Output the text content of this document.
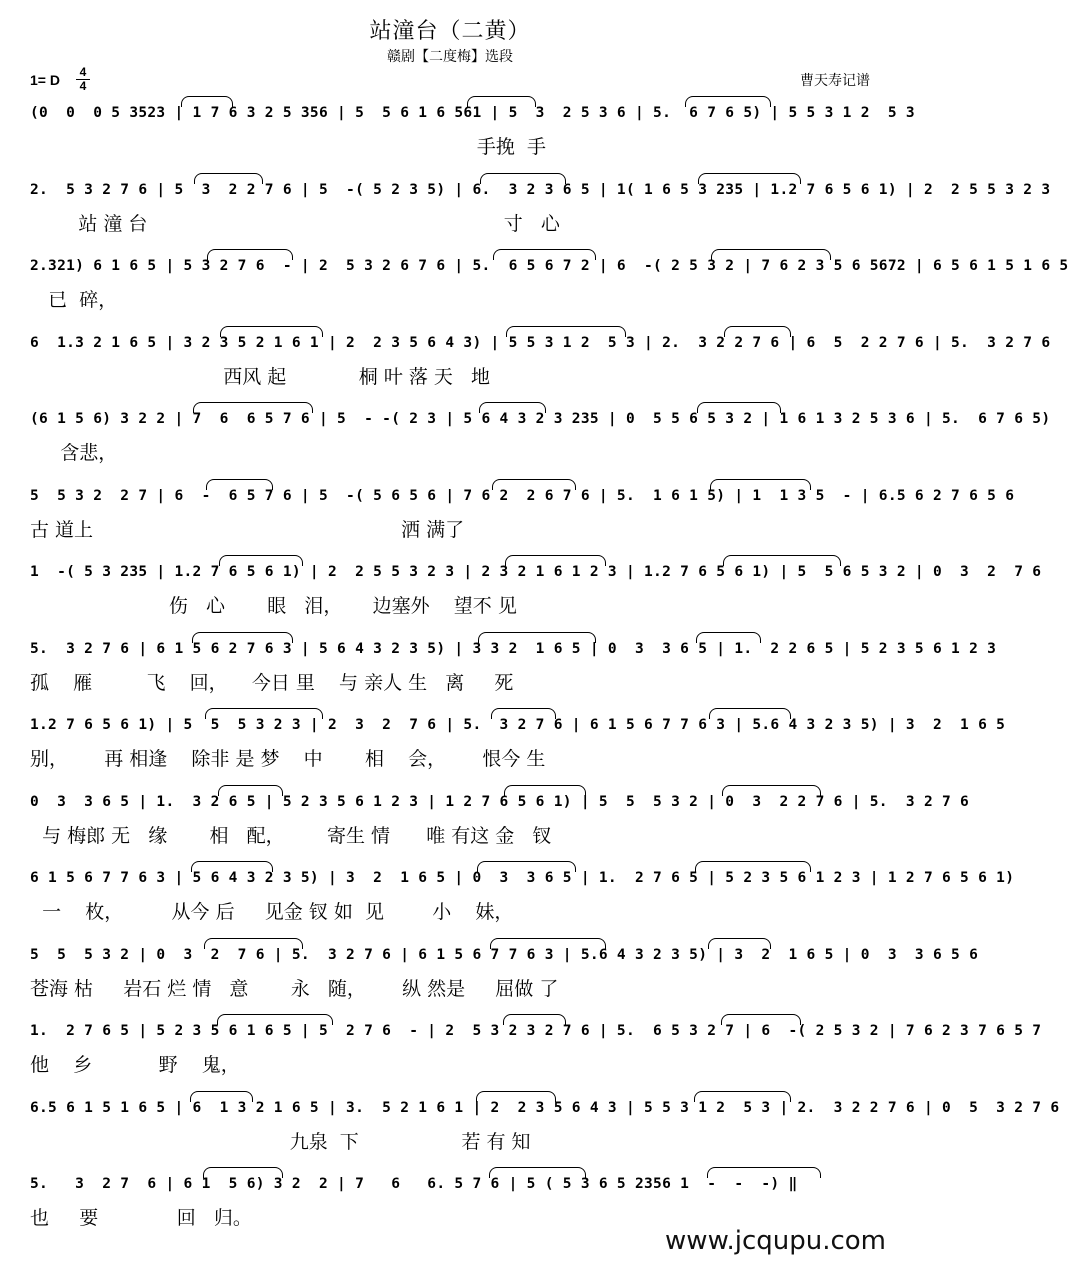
站潼台（二黄）
赣剧【二度梅】选段
1= D	4
4	曹天寿记谱
(0  0  0 5 3523 | 1 7 6 3 2 5 356 | 5  5 6 1 6 561 | 5  3  2 5 3 6 | 5.  6 7 6 5) | 5 5 3 1 2  5 3
手挽  手
2.  5 3 2 7 6 | 5  3  2 2 7 6 | 5  -( 5 2 3 5) | 6.  3 2 3 6 5 | 1( 1 6 5 3 235 | 1.2 7 6 5 6 1) | 2  2 5 5 3 2 3
站 潼 台                                                           寸   心
2.321) 6 1 6 5 | 5 3 2 7 6  - | 2  5 3 2 6 7 6 | 5.  6 5 6 7 2 | 6  -( 2 5 3 2 | 7 6 2 3 5 6 5672 | 6 5 6 1 5 1 6 5
已  碎，
6  1.3 2 1 6 5 | 3 2 3 5 2 1 6 1 | 2  2 3 5 6 4 3) | 5 5 3 1 2  5 3 | 2.  3 2 2 7 6 | 6  5  2 2 7 6 | 5.  3 2 7 6
西风 起            桐 叶 落 天   地
(6 1 5 6) 3 2 2 | 7  6  6 5 7 6 | 5  - -( 2 3 | 5 6 4 3 2 3 235 | 0  5 5 6 5 3 2 | 1 6 1 3 2 5 3 6 | 5.  6 7 6 5)
含悲，
5  5 3 2  2 7 | 6  -  6 5 7 6 | 5  -( 5 6 5 6 | 7 6 2  2 6 7 6 | 5.  1 6 1 5) | 1  1 3 5  - | 6.5 6 2 7 6 5 6
古 道上                                                   洒 满了
1  -( 5 3 235 | 1.2 7 6 5 6 1) | 2  2 5 5 3 2 3 | 2 3 2 1 6 1 2 3 | 1.2 7 6 5 6 1) | 5  5 6 5 3 2 | 0  3  2  7 6
伤   心       眼   泪，     边塞外    望不 见
5.  3 2 7 6 | 6 1 5 6 2 7 6 3 | 5 6 4 3 2 3 5) | 3 3 2  1 6 5 | 0  3  3 6 5 | 1.  2 2 6 5 | 5 2 3 5 6 1 2 3
孤    雁         飞    回，    今日 里    与 亲人 生   离     死
1.2 7 6 5 6 1) | 5  5  5 3 2 3 | 2  3  2  7 6 | 5.  3 2 7 6 | 6 1 5 6 7 7 6 3 | 5.6 4 3 2 3 5) | 3  2  1 6 5
别，      再 相逢    除非 是 梦    中       相    会，      恨今 生
0  3  3 6 5 | 1.  3 2 6 5 | 5 2 3 5 6 1 2 3 | 1 2 7 6 5 6 1) | 5  5  5 3 2 | 0  3  2 2 7 6 | 5.  3 2 7 6
与 梅郎 无   缘       相   配，       寄生 情      唯 有这 金   钗
6 1 5 6 7 7 6 3 | 5 6 4 3 2 3 5) | 3  2  1 6 5 | 0  3  3 6 5 | 1.  2 7 6 5 | 5 2 3 5 6 1 2 3 | 1 2 7 6 5 6 1)
一    枚，        从今 后     见金 钗 如  见        小    妹，
5  5  5 3 2 | 0  3  2  7 6 | 5.  3 2 7 6 | 6 1 5 6 7 7 6 3 | 5.6 4 3 2 3 5) | 3  2  1 6 5 | 0  3  3 6 5 6
苍海 枯     岩石 烂 情   意       永   随，      纵 然是     屈做 了
1.  2 7 6 5 | 5 2 3 5 6 1 6 5 | 5  2 7 6  - | 2  5 3 2 3 2 7 6 | 5.  6 5 3 2 7 | 6  -( 2 5 3 2 | 7 6 2 3 7 6 5 7
他    乡           野    鬼，
6.5 6 1 5 1 6 5 | 6  1 3 2 1 6 5 | 3.  5 2 1 6 1 | 2  2 3 5 6 4 3 | 5 5 3 1 2  5 3 | 2.  3 2 2 7 6 | 0  5  3 2 7 6
九泉  下                 若 有 知
5.   3  2 7  6 | 6 1  5 6) 3 2  2 | 7   6   6. 5 7 6 | 5 ( 5 3 6 5 2356 1  -  -  -) ‖
也     要             回   归。
www.jcqupu.com
